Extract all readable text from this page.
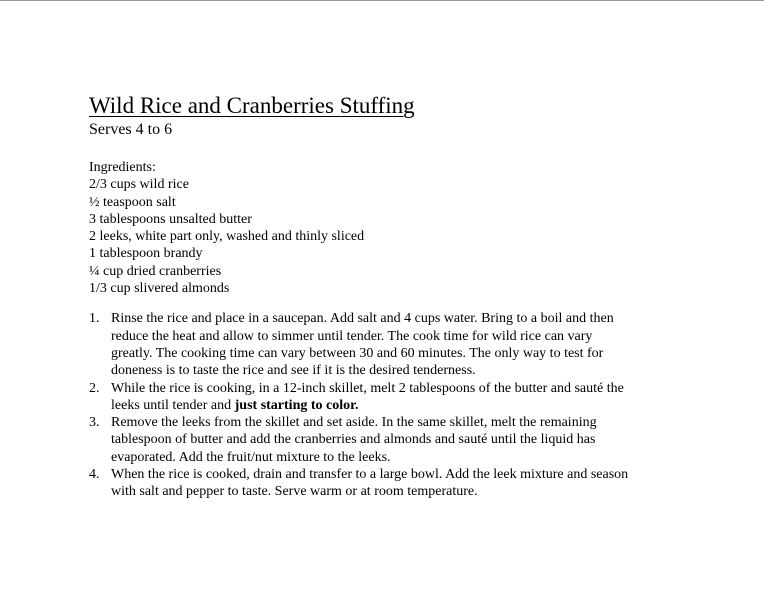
Wild Rice and Cranberries Stuffing
Serves 4 to 6
Ingredients:
2/3 cups wild rice
½ teaspoon salt
3 tablespoons unsalted butter
2 leeks, white part only, washed and thinly sliced
1 tablespoon brandy
¼ cup dried cranberries
1/3 cup slivered almonds
1. Rinse the rice and place in a saucepan. Add salt and 4 cups water. Bring to a boil and then reduce the heat and allow to simmer until tender. The cook time for wild rice can vary greatly. The cooking time can vary between 30 and 60 minutes. The only way to test for doneness is to taste the rice and see if it is the desired tenderness.
2. While the rice is cooking, in a 12-inch skillet, melt 2 tablespoons of the butter and sauté the leeks until tender and just starting to color.
3. Remove the leeks from the skillet and set aside. In the same skillet, melt the remaining tablespoon of butter and add the cranberries and almonds and sauté until the liquid has evaporated. Add the fruit/nut mixture to the leeks.
4. When the rice is cooked, drain and transfer to a large bowl. Add the leek mixture and season with salt and pepper to taste. Serve warm or at room temperature.
